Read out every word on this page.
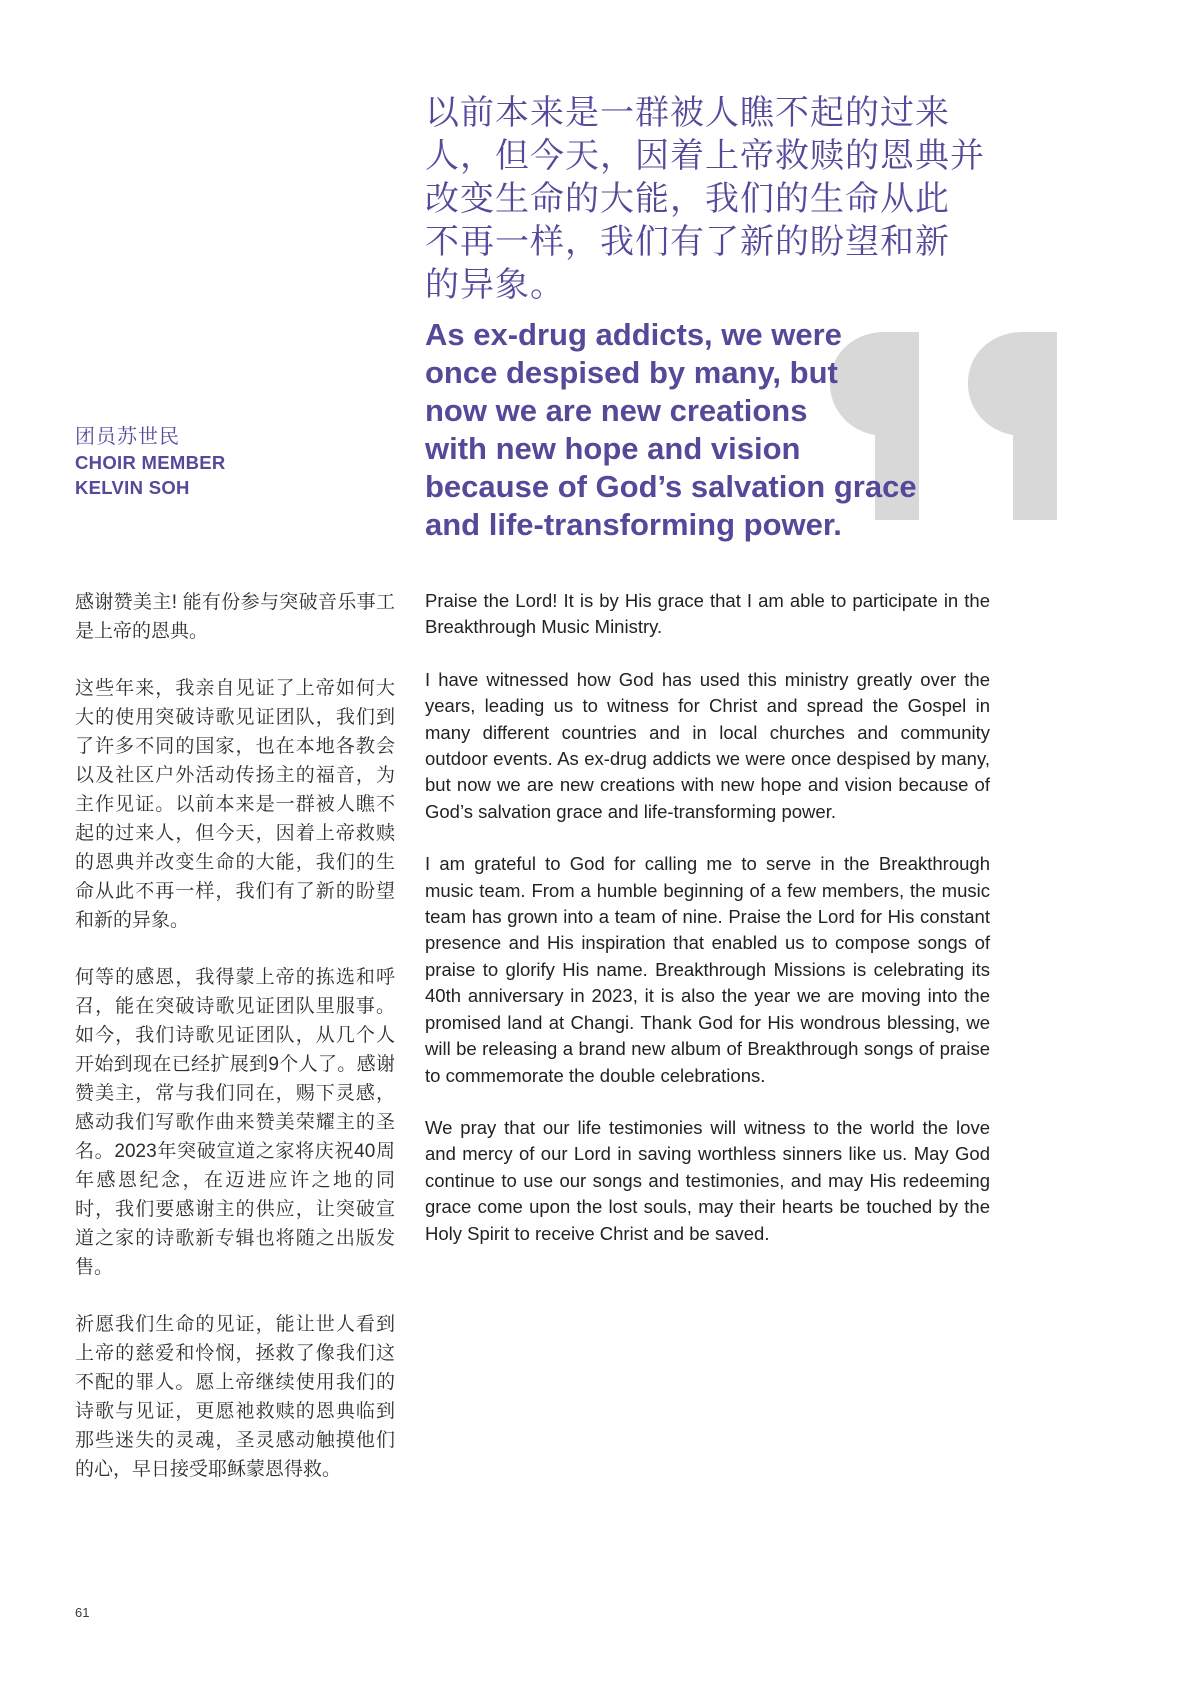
以前本来是一群被人瞧不起的过来
人，但今天，因着上帝救赎的恩典并
改变生命的大能，我们的生命从此
不再一样，我们有了新的盼望和新
的异象。
As ex-drug addicts, we were
once despised by many, but
now we are new creations
with new hope and vision
because of God’s salvation grace
and life-transforming power.
团员苏世民
CHOIR MEMBER
KELVIN SOH

感谢赞美主! 能有份参与突破音乐事工是上帝的恩典。

这些年来，我亲自见证了上帝如何大大的使用突破诗歌见证团队，我们到了许多不同的国家，也在本地各教会以及社区户外活动传扬主的福音，为主作见证。以前本来是一群被人瞧不起的过来人，但今天，因着上帝救赎的恩典并改变生命的大能，我们的生命从此不再一样，我们有了新的盼望和新的异象。

何等的感恩，我得蒙上帝的拣选和呼召，能在突破诗歌见证团队里服事。如今，我们诗歌见证团队，从几个人开始到现在已经扩展到9个人了。感谢赞美主，常与我们同在，赐下灵感，感动我们写歌作曲来赞美荣耀主的圣名。2023年突破宣道之家将庆祝40周年感恩纪念，在迈进应许之地的同时，我们要感谢主的供应，让突破宣道之家的诗歌新专辑也将随之出版发售。

祈愿我们生命的见证，能让世人看到上帝的慈爱和怜悯，拯救了像我们这不配的罪人。愿上帝继续使用我们的诗歌与见证，更愿祂救赎的恩典临到那些迷失的灵魂，圣灵感动触摸他们的心，早日接受耶稣蒙恩得救。

Praise the Lord! It is by His grace that I am able to participate in the Breakthrough Music Ministry.

I have witnessed how God has used this ministry greatly over the years, leading us to witness for Christ and spread the Gospel in many different countries and in local churches and community outdoor events. As ex-drug addicts we were once despised by many, but now we are new creations with new hope and vision because of God’s salvation grace and life-transforming power.

I am grateful to God for calling me to serve in the Breakthrough music team. From a humble beginning of a few members, the music team has grown into a team of nine. Praise the Lord for His constant presence and His inspiration that enabled us to compose songs of praise to glorify His name. Breakthrough Missions is celebrating its 40th anniversary in 2023, it is also the year we are moving into the promised land at Changi. Thank God for His wondrous blessing, we will be releasing a brand new album of Breakthrough songs of praise to commemorate the double celebrations.

We pray that our life testimonies will witness to the world the love and mercy of our Lord in saving worthless sinners like us. May God continue to use our songs and testimonies, and may His redeeming grace come upon the lost souls, may their hearts be touched by the Holy Spirit to receive Christ and be saved.

61
